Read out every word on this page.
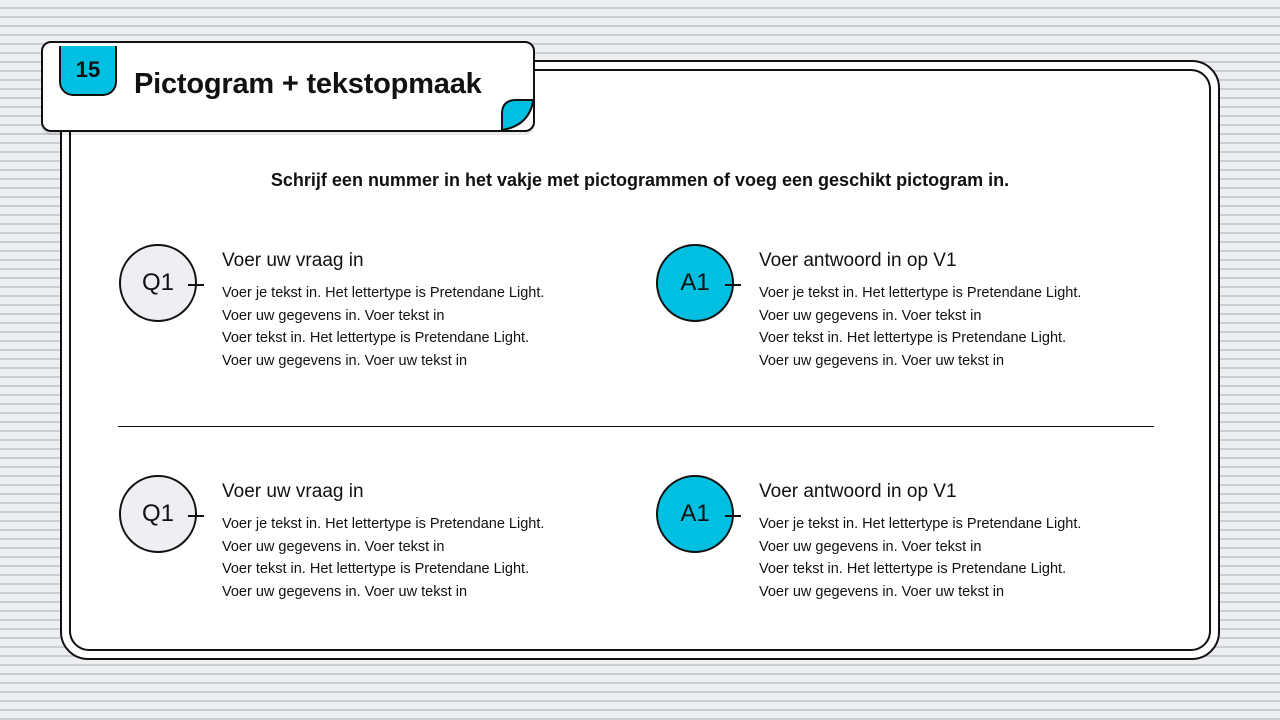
15	Pictogram + tekstopmaak
Schrijf een nummer in het vakje met pictogrammen of voeg een geschikt pictogram in.
Q1
Voer uw vraag in
Voer je tekst in. Het lettertype is Pretendane Light.
Voer uw gegevens in. Voer tekst in
Voer tekst in. Het lettertype is Pretendane Light.
Voer uw gegevens in. Voer uw tekst in
A1
Voer antwoord in op V1
Voer je tekst in. Het lettertype is Pretendane Light.
Voer uw gegevens in. Voer tekst in
Voer tekst in. Het lettertype is Pretendane Light.
Voer uw gegevens in. Voer uw tekst in
Q1
Voer uw vraag in
Voer je tekst in. Het lettertype is Pretendane Light.
Voer uw gegevens in. Voer tekst in
Voer tekst in. Het lettertype is Pretendane Light.
Voer uw gegevens in. Voer uw tekst in
A1
Voer antwoord in op V1
Voer je tekst in. Het lettertype is Pretendane Light.
Voer uw gegevens in. Voer tekst in
Voer tekst in. Het lettertype is Pretendane Light.
Voer uw gegevens in. Voer uw tekst in
